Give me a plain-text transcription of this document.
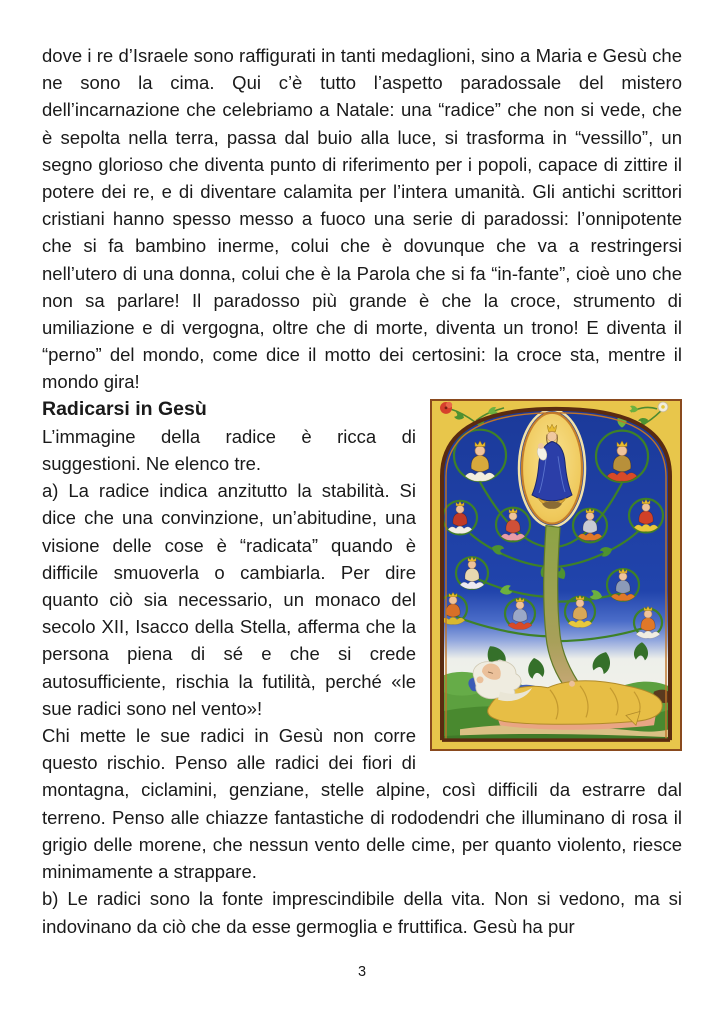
dove i re d’Israele sono raffigurati in tanti medaglioni, sino a Maria e Gesù che ne sono la cima. Qui c’è tutto l’aspetto paradossale del mistero dell’incarnazione che celebriamo a Natale: una “radice” che non si vede, che è sepolta nella terra, passa dal buio alla luce, si trasforma in “vessillo”, un segno glorioso che diventa punto di riferimento per i popoli, capace di zittire il potere dei re, e di diventare calamita per l’intera umanità. Gli antichi scrittori cristiani hanno spesso messo a fuoco una serie di paradossi: l’onnipotente che si fa bambino inerme, colui che è dovunque che va a restringersi nell’utero di una donna, colui che è la Parola che si fa “in-fante”, cioè uno che non sa parlare! Il paradosso più grande è che la croce, strumento di umiliazione e di vergogna, oltre che di morte, diventa un trono! E diventa il “perno” del mondo, come dice il motto dei certosini: la croce sta, mentre il mondo gira!

Radicarsi in Gesù

L’immagine della radice è ricca di suggestioni. Ne elenco tre.

a) La radice indica anzitutto la stabilità. Si dice che una convinzione, un’abitudine, una visione delle cose è “radicata” quando è difficile smuoverla o cambiarla. Per dire quanto ciò sia necessario, un monaco del secolo XII, Isacco della Stella, afferma che la persona piena di sé e che si crede autosufficiente, rischia la futilità, perché «le sue radici sono nel vento»!

Chi mette le sue radici in Gesù non corre questo rischio. Penso alle radici dei fiori di montagna, ciclamini, genziane, stelle alpine, così difficili da estrarre dal terreno. Penso alle chiazze fantastiche di rododendri che illuminano di rosa il grigio delle morene, che nessun vento delle cime, per quanto violento, riesce minimamente a strappare.

b) Le radici sono la fonte imprescindibile della vita. Non si vedono, ma si indovinano da ciò che da esse germoglia e fruttifica. Gesù ha pur

3
